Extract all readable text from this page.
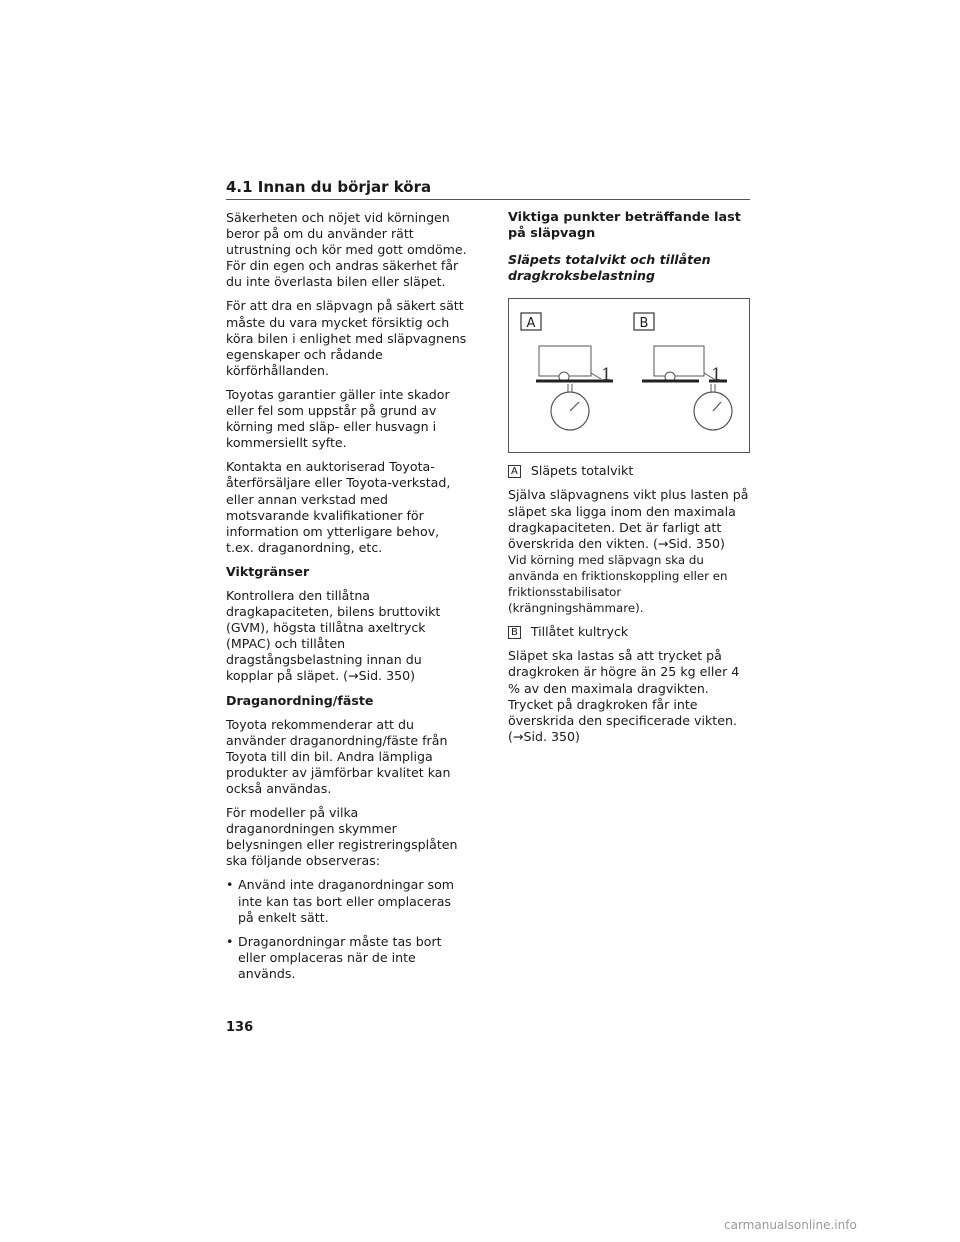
4.1 Innan du börjar köra

Säkerheten och nöjet vid körningen beror på om du använder rätt utrustning och kör med gott omdöme. För din egen och andras säkerhet får du inte överlasta bilen eller släpet.

För att dra en släpvagn på säkert sätt måste du vara mycket försiktig och köra bilen i enlighet med släpvagnens egenskaper och rådande körförhållanden.

Toyotas garantier gäller inte skador eller fel som uppstår på grund av körning med släp- eller husvagn i kommersiellt syfte.

Kontakta en auktoriserad Toyota-återförsäljare eller Toyota-verkstad, eller annan verkstad med motsvarande kvalifikationer för information om ytterligare behov, t.ex. draganordning, etc.

Viktgränser

Kontrollera den tillåtna dragkapaciteten, bilens bruttovikt (GVM), högsta tillåtna axeltryck (MPAC) och tillåten dragstångsbelastning innan du kopplar på släpet. (→Sid. 350)

Draganordning/fäste

Toyota rekommenderar att du använder draganordning/fäste från Toyota till din bil. Andra lämpliga produkter av jämförbar kvalitet kan också användas.

För modeller på vilka draganordningen skymmer belysningen eller registreringsplåten ska följande observeras:

• Använd inte draganordningar som inte kan tas bort eller omplaceras på enkelt sätt.
• Draganordningar måste tas bort eller omplaceras när de inte används.
Viktiga punkter beträffande last på släpvagn
Släpets totalvikt och tillåten dragkroksbelastning
A	B
1	1

A Släpets totalvikt

Själva släpvagnens vikt plus lasten på släpet ska ligga inom den maximala dragkapaciteten. Det är farligt att överskrida den vikten. (→Sid. 350)

Vid körning med släpvagn ska du använda en friktionskoppling eller en friktionsstabilisator (krängningshämmare).

B Tillåtet kultryck

Släpet ska lastas så att trycket på dragkroken är högre än 25 kg eller 4 % av den maximala dragvikten. Trycket på dragkroken får inte överskrida den specificerade vikten. (→Sid. 350)

136

carmanualsonline.info
